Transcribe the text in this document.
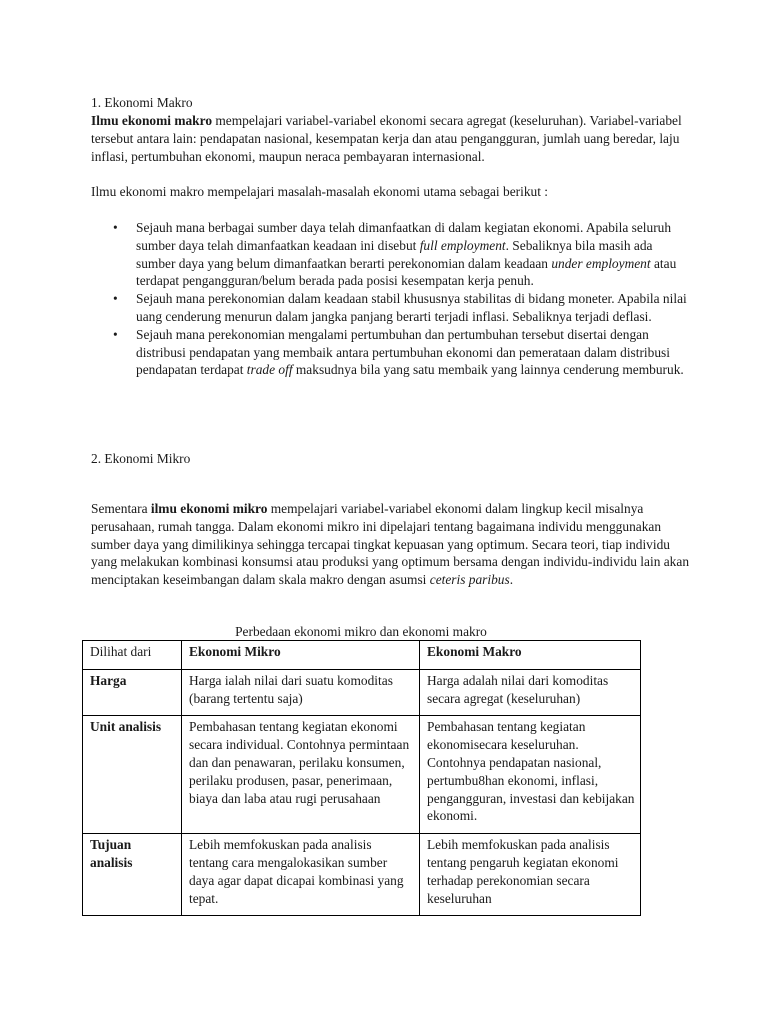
1. Ekonomi Makro

Ilmu ekonomi makro mempelajari variabel-variabel ekonomi secara agregat (keseluruhan). Variabel-variabel tersebut antara lain: pendapatan nasional, kesempatan kerja dan atau pengangguran, jumlah uang beredar, laju inflasi, pertumbuhan ekonomi, maupun neraca pembayaran internasional.

Ilmu ekonomi makro mempelajari masalah-masalah ekonomi utama sebagai berikut :

• Sejauh mana berbagai sumber daya telah dimanfaatkan di dalam kegiatan ekonomi. Apabila seluruh sumber daya telah dimanfaatkan keadaan ini disebut full employment. Sebaliknya bila masih ada sumber daya yang belum dimanfaatkan berarti perekonomian dalam keadaan under employment atau terdapat pengangguran/belum berada pada posisi kesempatan kerja penuh.
• Sejauh mana perekonomian dalam keadaan stabil khususnya stabilitas di bidang moneter. Apabila nilai uang cenderung menurun dalam jangka panjang berarti terjadi inflasi. Sebaliknya terjadi deflasi.
• Sejauh mana perekonomian mengalami pertumbuhan dan pertumbuhan tersebut disertai dengan distribusi pendapatan yang membaik antara pertumbuhan ekonomi dan pemerataan dalam distribusi pendapatan terdapat trade off maksudnya bila yang satu membaik yang lainnya cenderung memburuk.

2. Ekonomi Mikro

Sementara ilmu ekonomi mikro mempelajari variabel-variabel ekonomi dalam lingkup kecil misalnya perusahaan, rumah tangga. Dalam ekonomi mikro ini dipelajari tentang bagaimana individu menggunakan sumber daya yang dimilikinya sehingga tercapai tingkat kepuasan yang optimum. Secara teori, tiap individu yang melakukan kombinasi konsumsi atau produksi yang optimum bersama dengan individu-individu lain akan menciptakan keseimbangan dalam skala makro dengan asumsi ceteris paribus.

Perbedaan ekonomi mikro dan ekonomi makro
Dilihat dari	Ekonomi Mikro	Ekonomi Makro
Harga	Harga ialah nilai dari suatu komoditas (barang tertentu saja)	Harga adalah nilai dari komoditas secara agregat (keseluruhan)
Unit analisis	Pembahasan tentang kegiatan ekonomi secara individual. Contohnya permintaan dan dan penawaran, perilaku konsumen, perilaku produsen, pasar, penerimaan, biaya dan laba atau rugi perusahaan	Pembahasan tentang kegiatan ekonomisecara keseluruhan. Contohnya pendapatan nasional, pertumbu8han ekonomi, inflasi, pengangguran, investasi dan kebijakan ekonomi.
Tujuan analisis	Lebih memfokuskan pada analisis tentang cara mengalokasikan sumber daya agar dapat dicapai kombinasi yang tepat.	Lebih memfokuskan pada analisis tentang pengaruh kegiatan ekonomi terhadap perekonomian secara keseluruhan
